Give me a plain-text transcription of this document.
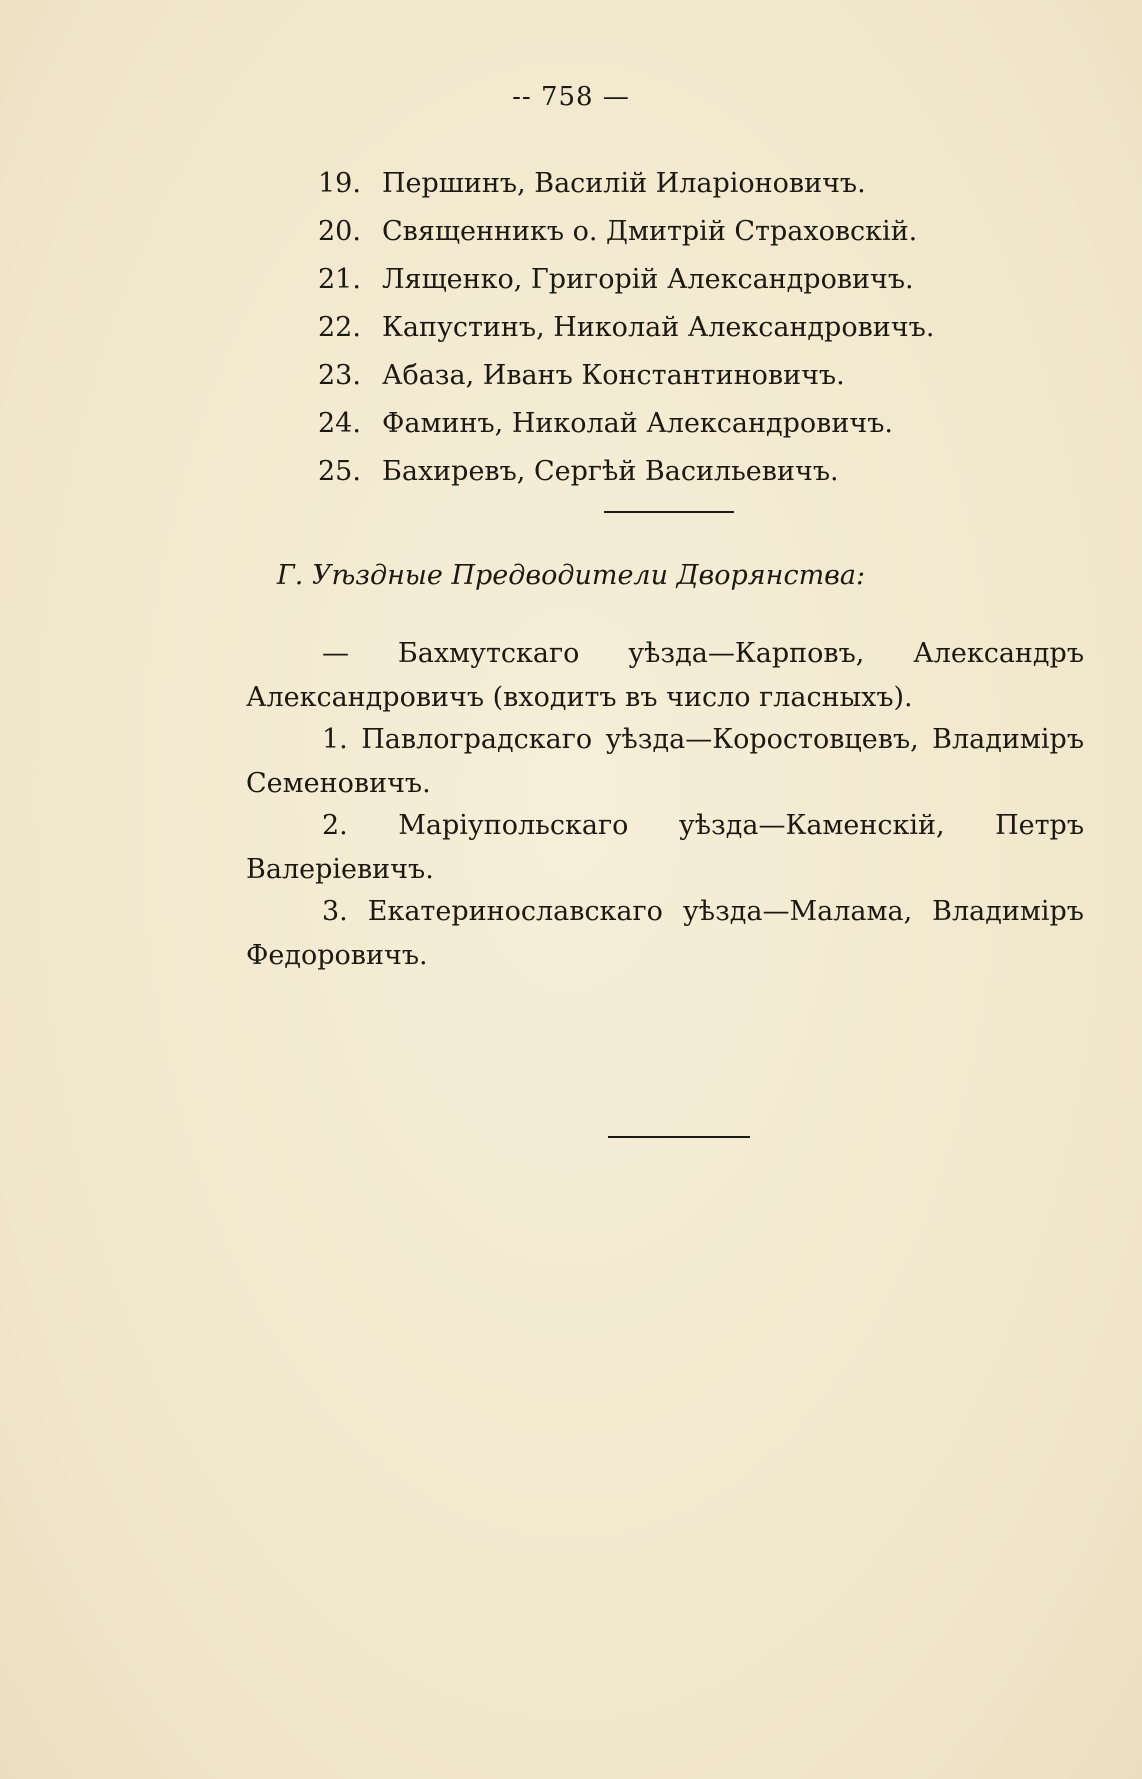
-- 758 —
19. Першинъ, Василій Иларіоновичъ.
20. Священникъ о. Дмитрій Страховскій.
21. Лященко, Григорій Александровичъ.
22. Капустинъ, Николай Александровичъ.
23. Абаза, Иванъ Константиновичъ.
24. Фаминъ, Николай Александровичъ.
25. Бахиревъ, Сергѣй Васильевичъ.
Г. Уѣздные Предводители Дворянства:

— Бахмутскаго уѣзда—Карповъ, Александръ Александровичъ (входитъ въ число гласныхъ).

1. Павлоградскаго уѣзда—Коростовцевъ, Владиміръ Семеновичъ.

2. Маріупольскаго уѣзда—Каменскій, Петръ Валеріевичъ.

3. Екатеринославскаго уѣзда—Малама, Владиміръ Федоровичъ.
